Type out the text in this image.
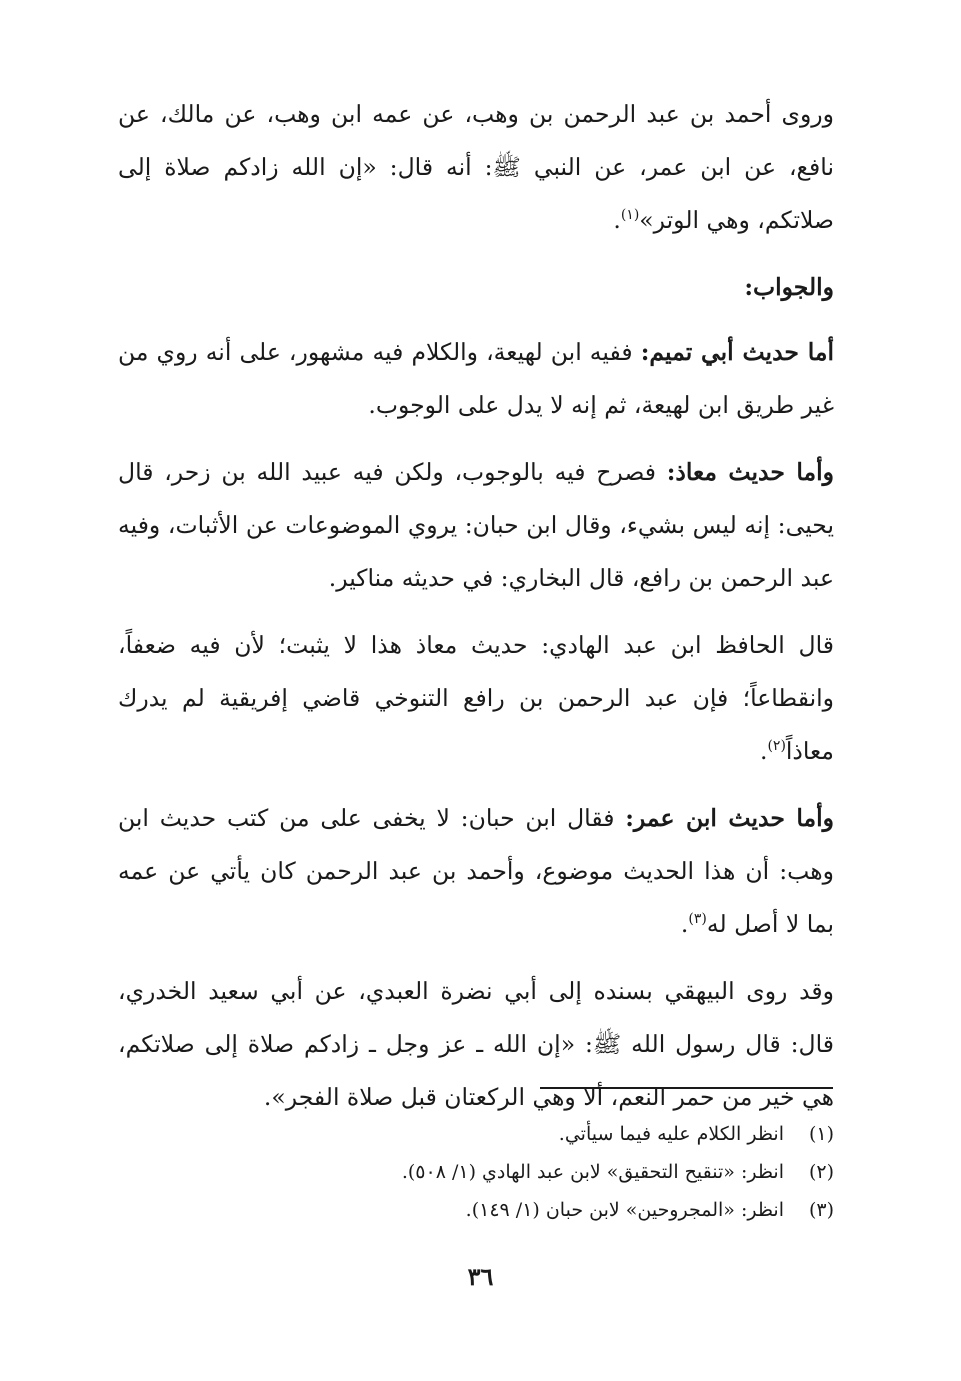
وروى أحمد بن عبد الرحمن بن وهب، عن عمه ابن وهب، عن مالك، عن نافع، عن ابن عمر، عن النبي ﷺ: أنه قال: «إن الله زادكم صلاة إلى صلاتكم، وهي الوتر»$^{(١)}$.

والجواب:

أما حديث أبي تميم: ففيه ابن لهيعة، والكلام فيه مشهور، على أنه روي من غير طريق ابن لهيعة، ثم إنه لا يدل على الوجوب.

وأما حديث معاذ: فصرح فيه بالوجوب، ولكن فيه عبيد الله بن زحر، قال يحيى: إنه ليس بشيء، وقال ابن حبان: يروي الموضوعات عن الأثبات، وفيه عبد الرحمن بن رافع، قال البخاري: في حديثه مناكير.

قال الحافظ ابن عبد الهادي: حديث معاذ هذا لا يثبت؛ لأن فيه ضعفاً، وانقطاعاً؛ فإن عبد الرحمن بن رافع التنوخي قاضي إفريقية لم يدرك معاذاً$^{(٢)}$.

وأما حديث ابن عمر: فقال ابن حبان: لا يخفى على من كتب حديث ابن وهب: أن هذا الحديث موضوع، وأحمد بن عبد الرحمن كان يأتي عن عمه بما لا أصل له$^{(٣)}$.

وقد روى البيهقي بسنده إلى أبي نضرة العبدي، عن أبي سعيد الخدري، قال: قال رسول الله ﷺ: «إن الله ـ عز وجل ـ زادكم صلاة إلى صلاتكم، هي خير من حمر النعم، ألا وهي الركعتان قبل صلاة الفجر».

(١)
انظر الكلام عليه فيما سيأتي.
(٢)
انظر: «تنقيح التحقيق» لابن عبد الهادي (١/ ٥٠٨).
(٣)
انظر: «المجروحين» لابن حبان (١/ ١٤٩).
٣٦
